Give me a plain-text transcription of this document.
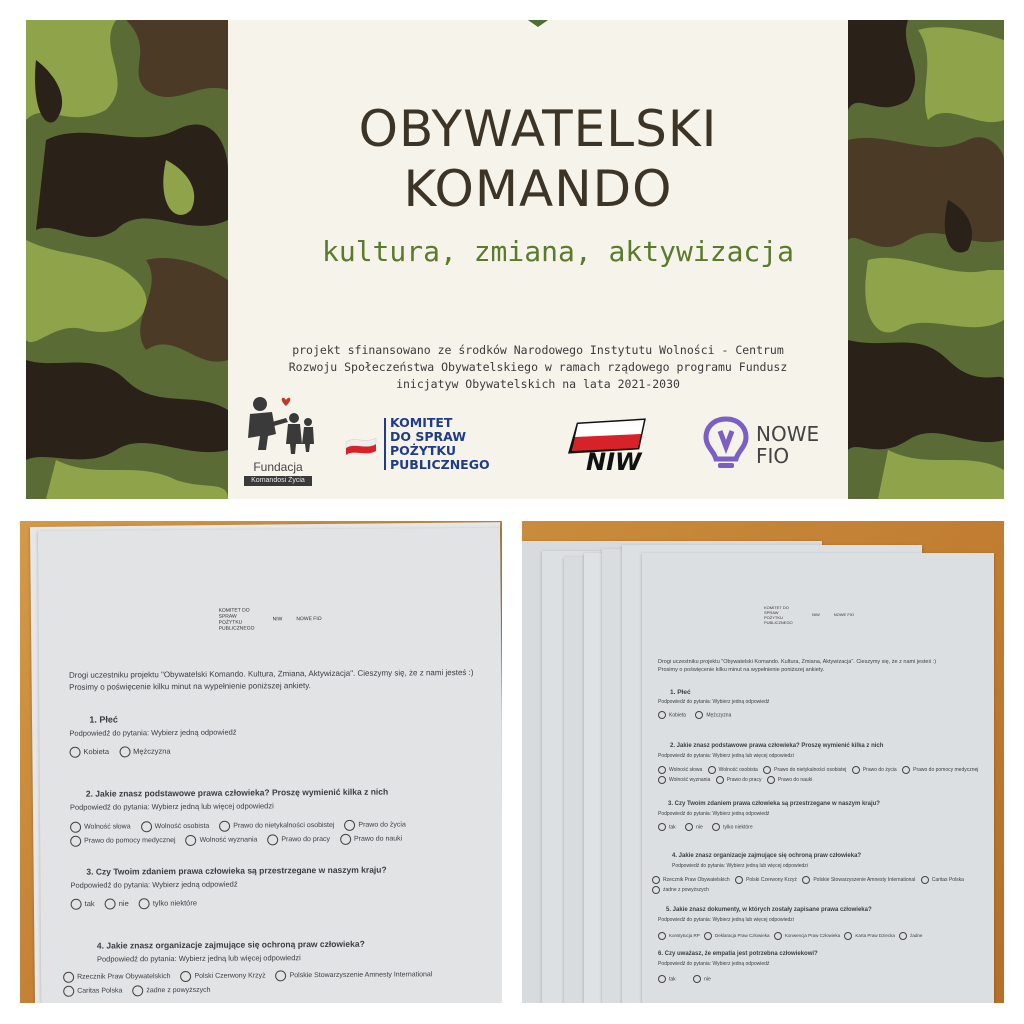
OBYWATELSKI
KOMANDO
kultura, zmiana, aktywizacja
projekt sfinansowano ze środków Narodowego Instytutu Wolności - Centrum
Rozwoju Społeczeństwa Obywatelskiego w ramach rządowego programu Fundusz
inicjatyw Obywatelskich na lata 2021-2030
Fundacja
Komandosi Życia
KOMITET
DO SPRAW
POŻYTKU
PUBLICZNEGO	NIW
NOWE
FIO
KOMITET DO SPRAW POŻYTKU PUBLICZNEGO
NIW	NOWE FIO
Drogi uczestniku projektu "Obywatelski Komando. Kultura, Zmiana, Aktywizacja". Cieszymy się, że z nami jesteś :)
Prosimy o poświęcenie kilku minut na wypełnienie poniższej ankiety.
1. Płeć
Podpowiedź do pytania: Wybierz jedną odpowiedź
Kobieta	Mężczyzna
2. Jakie znasz podstawowe prawa człowieka? Proszę wymienić kilka z nich
Podpowiedź do pytania: Wybierz jedną lub więcej odpowiedzi
Wolność słowa	Wolność osobista	Prawo do nietykalności osobistej	Prawo do życia Prawo do pomocy medycznej	Wolność wyznania	Prawo do pracy	Prawo do nauki
3. Czy Twoim zdaniem prawa człowieka są przestrzegane w naszym kraju?
Podpowiedź do pytania: Wybierz jedną odpowiedź
tak	nie	tylko niektóre
4. Jakie znasz organizacje zajmujące się ochroną praw człowieka?
Podpowiedź do pytania: Wybierz jedną lub więcej odpowiedzi
Rzecznik Praw Obywatelskich	Polski Czerwony Krzyż	Polskie Stowarzyszenie Amnesty International Caritas Polska	żadne z powyższych
KOMITET DO SPRAW POŻYTKU PUBLICZNEGO
NIW	NOWE FIO
Drogi uczestniku projektu "Obywatelski Komando. Kultura, Zmiana, Aktywizacja". Cieszymy się, że z nami jesteś :)
Prosimy o poświęcenie kilku minut na wypełnienie poniższej ankiety.
1. Płeć
Podpowiedź do pytania: Wybierz jedną odpowiedź
Kobieta	Mężczyzna
2. Jakie znasz podstawowe prawa człowieka? Proszę wymienić kilka z nich
Podpowiedź do pytania: Wybierz jedną lub więcej odpowiedzi
Wolność słowa	Wolność osobista	Prawo do nietykalności osobistej	Prawo do życia	Prawo do pomocy medycznej Wolność wyznania	Prawo do pracy	Prawo do nauki
3. Czy Twoim zdaniem prawa człowieka są przestrzegane w naszym kraju?
Podpowiedź do pytania: Wybierz jedną odpowiedź
tak	nie	tylko niektóre
4. Jakie znasz organizacje zajmujące się ochroną praw człowieka?
Podpowiedź do pytania: Wybierz jedną lub więcej odpowiedzi
Rzecznik Praw Obywatelskich	Polski Czerwony Krzyż	Polskie Stowarzyszenie Amnesty International	Caritas Polska żadne z powyższych
5. Jakie znasz dokumenty, w których zostały zapisane prawa człowieka?
Podpowiedź do pytania: Wybierz jedną lub więcej odpowiedzi
Konstytucja RP	Deklaracja Praw Człowieka	Konwencja Praw Człowieka	Karta Praw Dziecka	żadne
6. Czy uważasz, że empatia jest potrzebna człowiekowi?
Podpowiedź do pytania: Wybierz jedną odpowiedź
tak	nie
